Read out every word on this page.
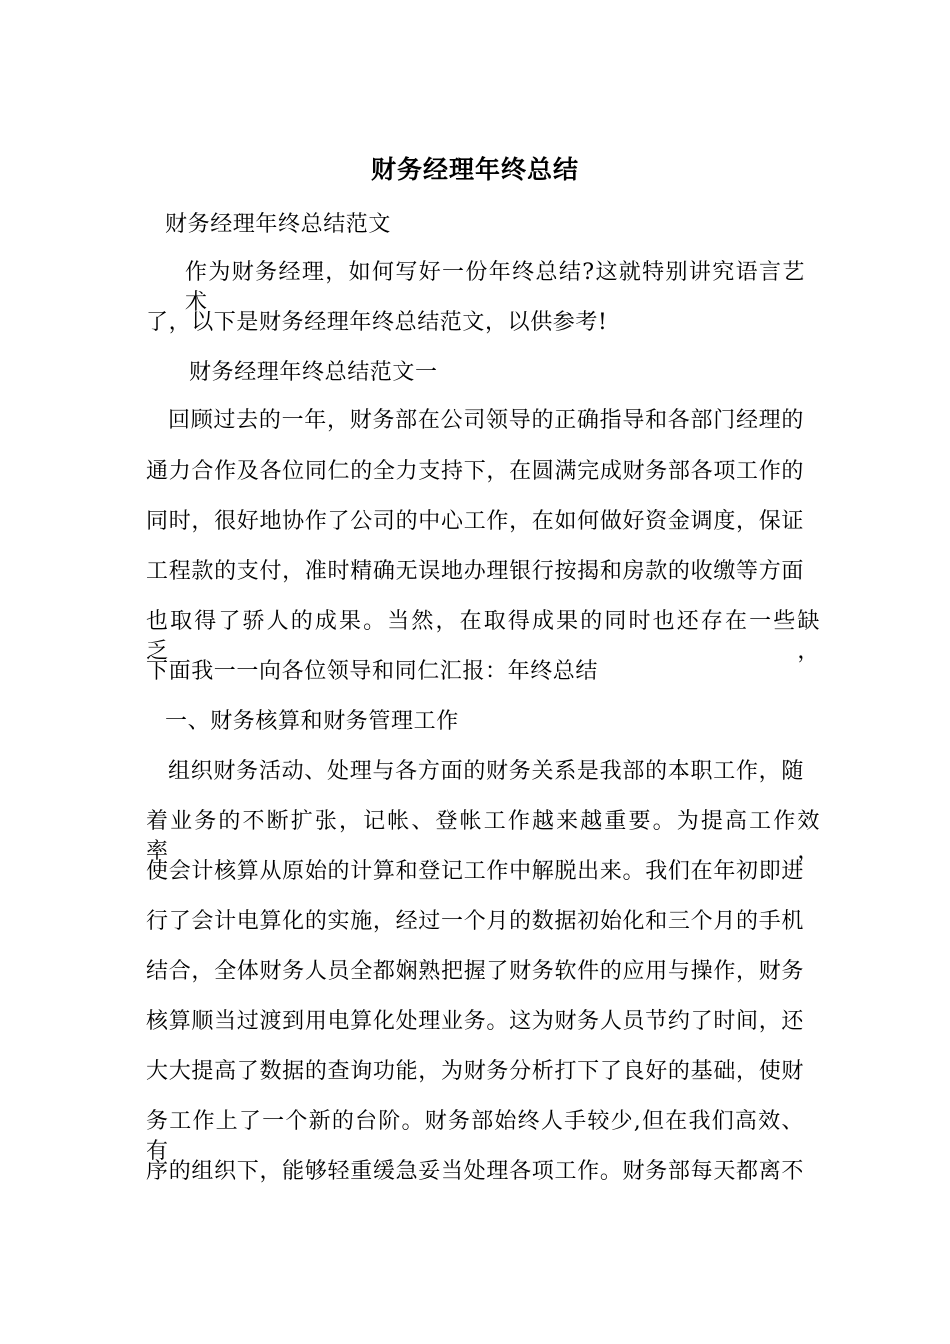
财务经理年终总结
财务经理年终总结范文
作为财务经理，如何写好一份年终总结?这就特别讲究语言艺术
了，以下是财务经理年终总结范文，以供参考!
财务经理年终总结范文一
回顾过去的一年，财务部在公司领导的正确指导和各部门经理的
通力合作及各位同仁的全力支持下，在圆满完成财务部各项工作的
同时，很好地协作了公司的中心工作，在如何做好资金调度，保证
工程款的支付，准时精确无误地办理银行按揭和房款的收缴等方面
也取得了骄人的成果。当然，在取得成果的同时也还存在一些缺乏，
下面我一一向各位领导和同仁汇报：年终总结
一、财务核算和财务管理工作
组织财务活动、处理与各方面的财务关系是我部的本职工作，随
着业务的不断扩张，记帐、登帐工作越来越重要。为提高工作效率，
使会计核算从原始的计算和登记工作中解脱出来。我们在年初即进
行了会计电算化的实施，经过一个月的数据初始化和三个月的手机
结合，全体财务人员全都娴熟把握了财务软件的应用与操作，财务
核算顺当过渡到用电算化处理业务。这为财务人员节约了时间，还
大大提高了数据的查询功能，为财务分析打下了良好的基础，使财
务工作上了一个新的台阶。财务部始终人手较少,但在我们高效、有
序的组织下，能够轻重缓急妥当处理各项工作。财务部每天都离不
